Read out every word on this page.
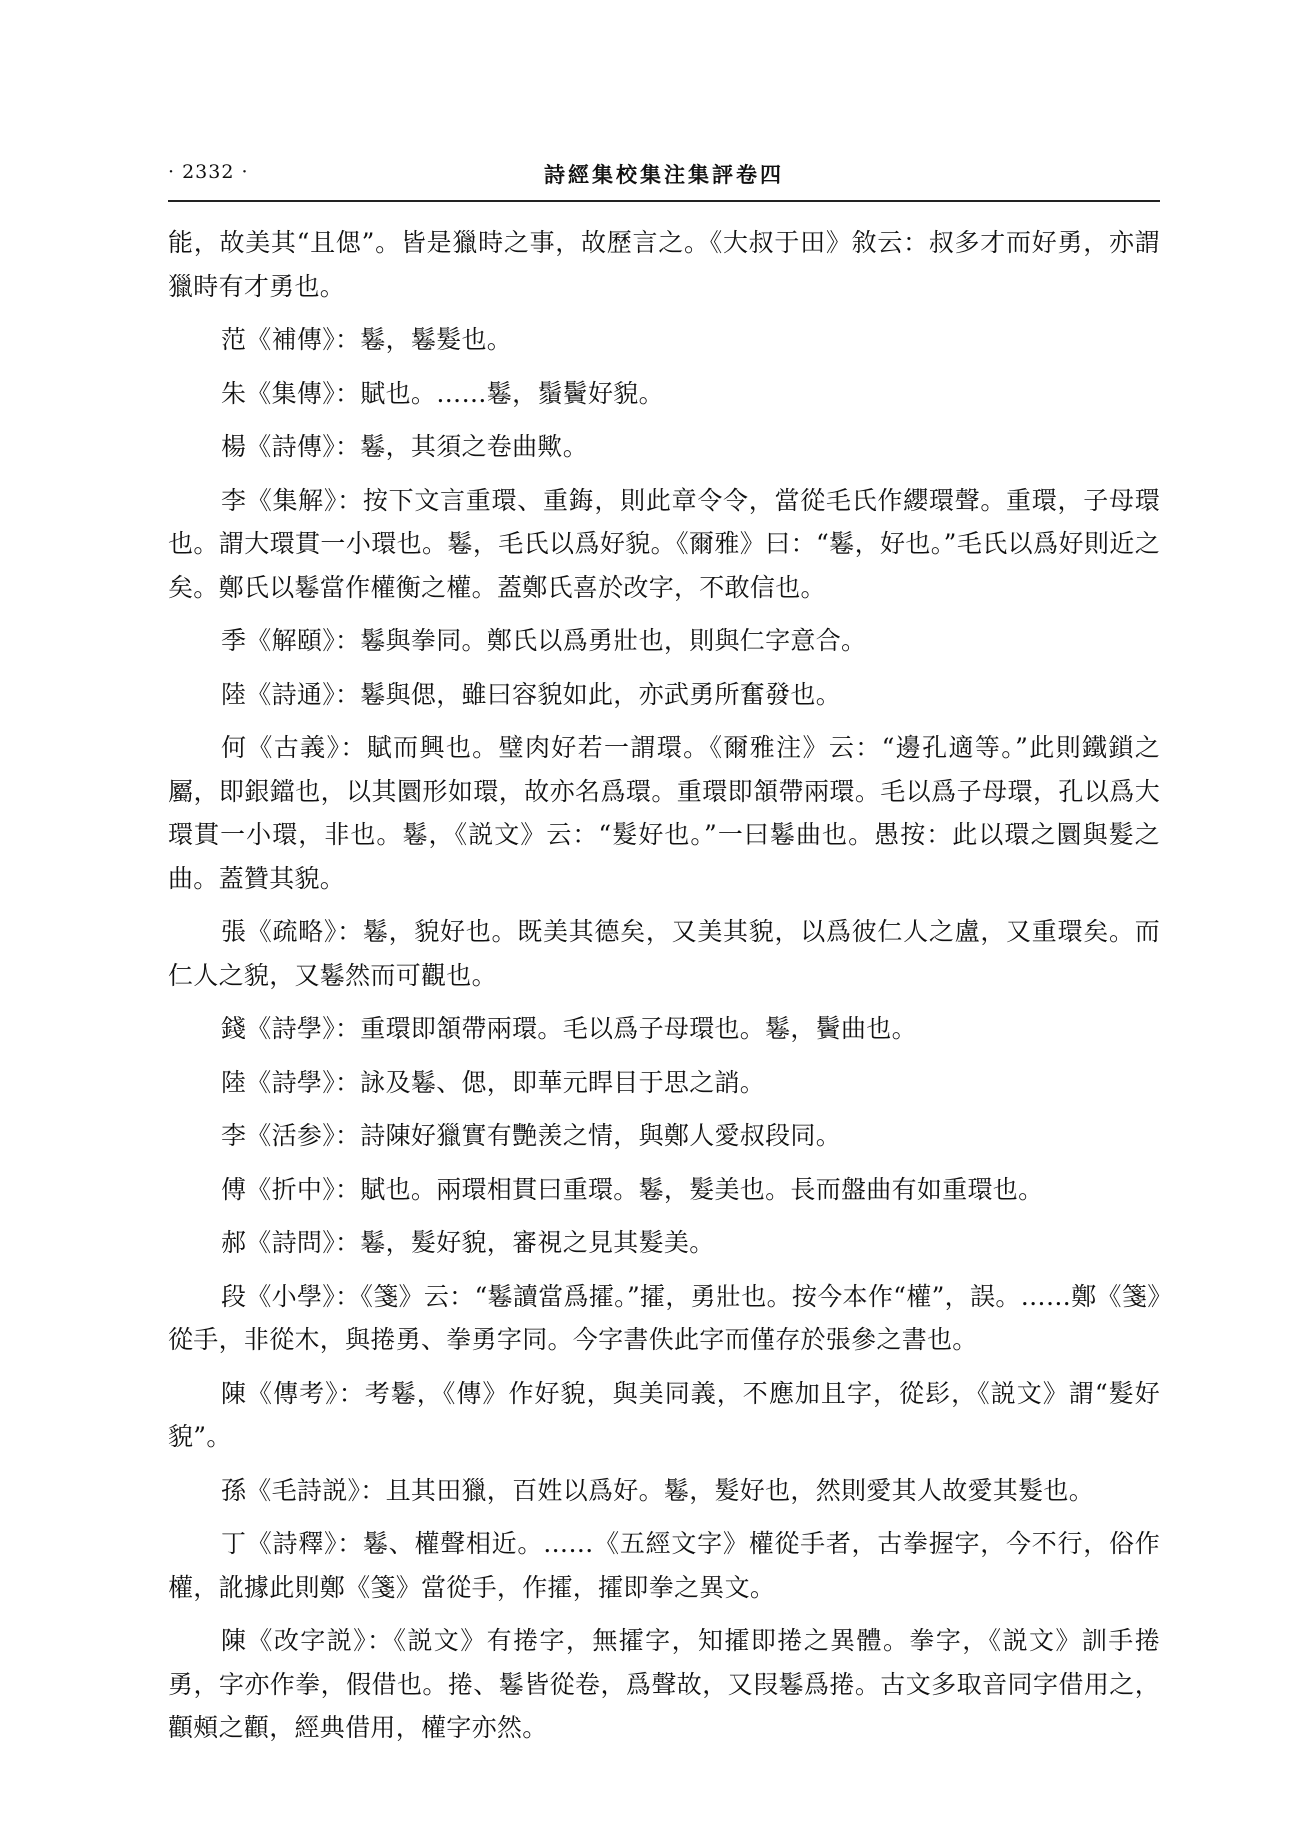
· 2332 ·	詩經集校集注集評卷四

能，故美其“且偲”。皆是獵時之事，故歷言之。《大叔于田》敘云：叔多才而好勇，亦謂獵時有才勇也。

范《補傳》：鬈，鬈髮也。

朱《集傳》：賦也。……鬈，鬚鬢好貌。

楊《詩傳》：鬈，其須之卷曲歟。

李《集解》：按下文言重環、重鋂，則此章令令，當從毛氏作纓環聲。重環，子母環也。謂大環貫一小環也。鬈，毛氏以爲好貌。《爾雅》曰：“鬈，好也。”毛氏以爲好則近之矣。鄭氏以鬈當作權衡之權。蓋鄭氏喜於改字，不敢信也。

季《解頤》：鬈與拳同。鄭氏以爲勇壯也，則與仁字意合。

陸《詩通》：鬈與偲，雖曰容貌如此，亦武勇所奮發也。

何《古義》：賦而興也。璧肉好若一謂環。《爾雅注》云：“邊孔適等。”此則鐵鎖之屬，即銀鐺也，以其圜形如環，故亦名爲環。重環即頷帶兩環。毛以爲子母環，孔以爲大環貫一小環，非也。鬈，《説文》云：“髮好也。”一曰鬈曲也。愚按：此以環之圜與髮之曲。蓋贊其貌。

張《疏略》：鬈，貌好也。既美其德矣，又美其貌，以爲彼仁人之盧，又重環矣。而仁人之貌，又鬈然而可觀也。

錢《詩學》：重環即頷帶兩環。毛以爲子母環也。鬈，鬢曲也。

陸《詩學》：詠及鬈、偲，即華元睅目于思之誚。

李《活参》：詩陳好獵實有艷羡之情，與鄭人愛叔段同。

傅《折中》：賦也。兩環相貫曰重環。鬈，髮美也。長而盤曲有如重環也。

郝《詩問》：鬈，髮好貌，審視之見其髮美。

段《小學》：《箋》云：“鬈讀當爲攉。”攉，勇壯也。按今本作“權”，誤。……鄭《箋》從手，非從木，與捲勇、拳勇字同。今字書佚此字而僅存於張參之書也。

陳《傳考》：考鬈，《傳》作好貌，與美同義，不應加且字，從髟，《説文》謂“髮好貌”。

孫《毛詩説》：且其田獵，百姓以爲好。鬈，髮好也，然則愛其人故愛其髮也。

丁《詩釋》：鬈、權聲相近。……《五經文字》權從手者，古拳握字，今不行，俗作權，訛據此則鄭《箋》當從手，作攉，攉即拳之異文。

陳《改字説》：《説文》有捲字，無攉字，知攉即捲之異體。拳字，《説文》訓手捲勇，字亦作拳，假借也。捲、鬈皆從卷，爲聲故，又叚鬈爲捲。古文多取音同字借用之，顴頰之顴，經典借用，權字亦然。
